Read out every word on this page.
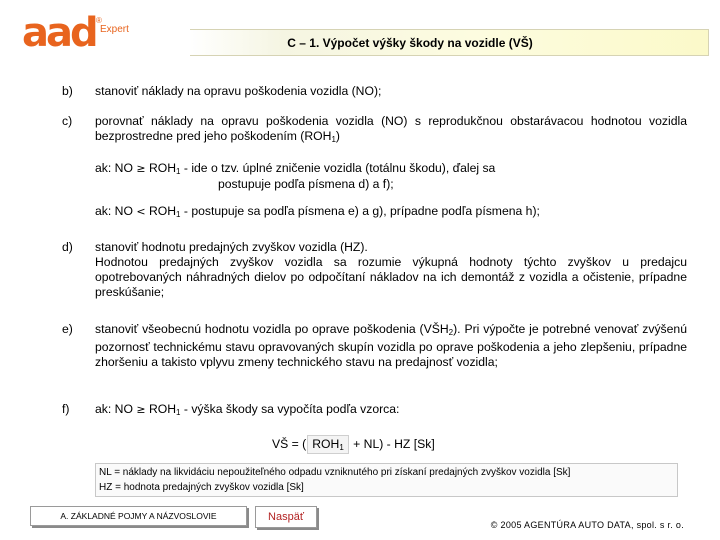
aad ®
Expert
C – 1. Výpočet výšky škody na vozidle (VŠ)
b) stanoviť náklady na opravu poškodenia vozidla (NO);
c) porovnať náklady na opravu poškodenia vozidla (NO) s reprodukčnou obstarávacou hodnotou vozidla bezprostredne pred jeho poškodením $(ROH_1)$
ak: NO ≥ $ROH_1$ - ide o tzv. úplné zničenie vozidla (totálnu škodu), ďalej sa
postupuje podľa písmena d) a f);
ak: NO < $ROH_1$ - postupuje sa podľa písmena e) a g), prípadne podľa písmena h);
d) stanoviť hodnotu predajných zvyškov vozidla (HZ).
Hodnotou predajných zvyškov vozidla sa rozumie výkupná hodnoty týchto zvyškov u predajcu opotrebovaných náhradných dielov po odpočítaní nákladov na ich demontáž z vozidla a očistenie, prípadne preskúšanie;
e) stanoviť všeobecnú hodnotu vozidla po oprave poškodenia $(VŠH_2)$. Pri výpočte je potrebné venovať zvýšenú pozornosť technickému stavu opravovaných skupín vozidla po oprave poškodenia a jeho zlepšeniu, prípadne zhoršeniu a takisto vplyvu zmeny technického stavu na predajnosť vozidla;
f) ak: NO ≥ $ROH_1$ - výška škody sa vypočíta podľa vzorca:
VŠ = ( $ROH_1 + NL$) - HZ [Sk]
NL = náklady na likvidáciu nepoužiteľného odpadu vzniknutého pri získaní predajných zvyškov vozidla [Sk]
HZ = hodnota predajných zvyškov vozidla [Sk]
A. ZÁKLADNÉ POJMY A NÁZVOSLOVIE	Naspäť
© 2005 AGENTÚRA AUTO DATA, spol. s r. o.
